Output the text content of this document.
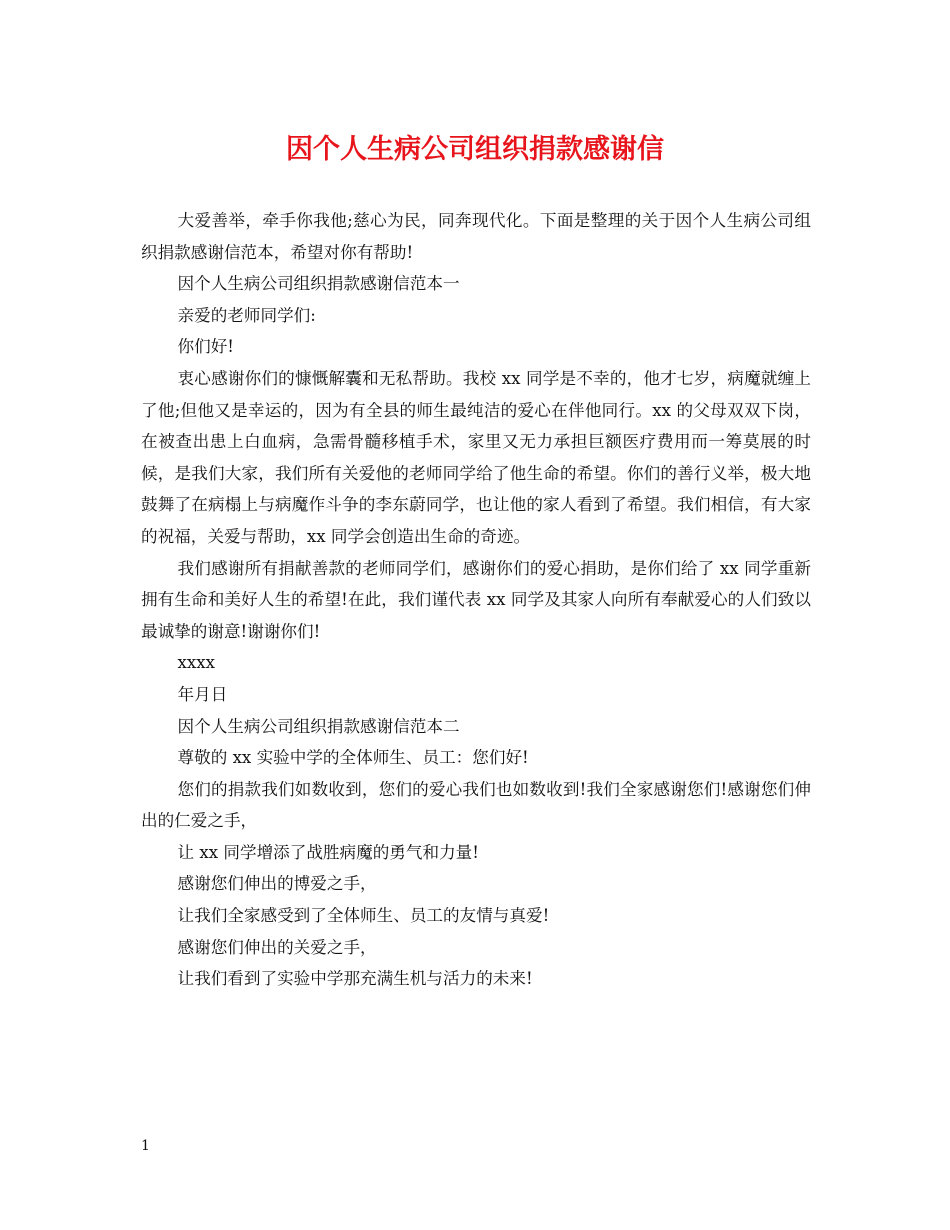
因个人生病公司组织捐款感谢信

大爱善举，牵手你我他;慈心为民，同奔现代化。下面是整理的关于因个人生病公司组织捐款感谢信范本，希望对你有帮助!

因个人生病公司组织捐款感谢信范本一

亲爱的老师同学们:

你们好!

衷心感谢你们的慷慨解囊和无私帮助。我校 xx 同学是不幸的，他才七岁，病魔就缠上了他;但他又是幸运的，因为有全县的师生最纯洁的爱心在伴他同行。xx 的父母双双下岗，在被查出患上白血病，急需骨髓移植手术，家里又无力承担巨额医疗费用而一筹莫展的时候，是我们大家，我们所有关爱他的老师同学给了他生命的希望。你们的善行义举，极大地鼓舞了在病榻上与病魔作斗争的李东蔚同学，也让他的家人看到了希望。我们相信，有大家的祝福，关爱与帮助，xx 同学会创造出生命的奇迹。

我们感谢所有捐献善款的老师同学们，感谢你们的爱心捐助，是你们给了 xx 同学重新拥有生命和美好人生的希望!在此，我们谨代表 xx 同学及其家人向所有奉献爱心的人们致以最诚挚的谢意!谢谢你们!

xxxx

年月日

因个人生病公司组织捐款感谢信范本二

尊敬的 xx 实验中学的全体师生、员工：您们好!

您们的捐款我们如数收到，您们的爱心我们也如数收到!我们全家感谢您们!感谢您们伸出的仁爱之手，

让 xx 同学增添了战胜病魔的勇气和力量!

感谢您们伸出的博爱之手，

让我们全家感受到了全体师生、员工的友情与真爱!

感谢您们伸出的关爱之手，

让我们看到了实验中学那充满生机与活力的未来!

1
